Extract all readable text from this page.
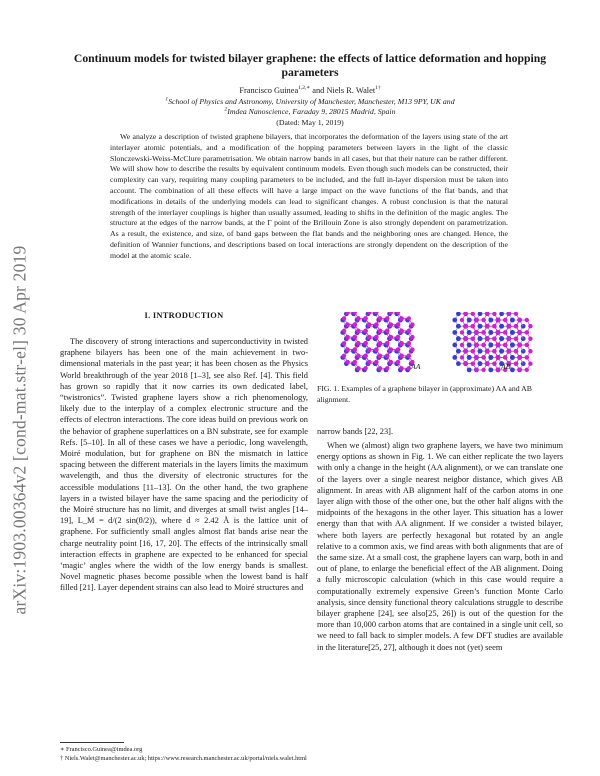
arXiv:1903.00364v2 [cond-mat.str-el] 30 Apr 2019
Continuum models for twisted bilayer graphene: the effects of lattice deformation and hopping parameters
Francisco Guinea$^{1,2,∗}$ and Niels R. Walet$^{1\dagger}$
$^1$School of Physics and Astronomy, University of Manchester, Manchester, M13 9PY, UK and
$^2$Imdea Nanoscience, Faraday 9, 28015 Madrid, Spain
(Dated: May 1, 2019)

We analyze a description of twisted graphene bilayers, that incorporates the deformation of the layers using state of the art interlayer atomic potentials, and a modification of the hopping parameters between layers in the light of the classic Slonczewski-Weiss-McClure parametrisation. We obtain narrow bands in all cases, but that their nature can be rather different. We will show how to describe the results by equivalent continuum models. Even though such models can be constructed, their complexity can vary, requiring many coupling parameters to be included, and the full in-layer dispersion must be taken into account. The combination of all these effects will have a large impact on the wave functions of the flat bands, and that modifications in details of the underlying models can lead to significant changes. A robust conclusion is that the natural strength of the interlayer couplings is higher than usually assumed, leading to shifts in the definition of the magic angles. The structure at the edges of the narrow bands, at the Γ point of the Brillouin Zone is also strongly dependent on parametrization. As a result, the existence, and size, of band gaps between the flat bands and the neighboring ones are changed. Hence, the definition of Wannier functions, and descriptions based on local interactions are strongly dependent on the description of the model at the atomic scale.

I. INTRODUCTION

The discovery of strong interactions and superconductivity in twisted graphene bilayers has been one of the main achievement in two-dimensional materials in the past year; it has been chosen as the Physics World breakthrough of the year 2018 [1–3], see also Ref. [4]. This field has grown so rapidly that it now carries its own dedicated label, “twistronics”. Twisted graphene layers show a rich phenomenology, likely due to the interplay of a complex electronic structure and the effects of electron interactions. The core ideas build on previous work on the behavior of graphene superlattices on a BN substrate, see for example Refs. [5–10]. In all of these cases we have a periodic, long wavelength, Moiré modulation, but for graphene on BN the mismatch in lattice spacing between the different materials in the layers limits the maximum wavelength, and thus the diversity of electronic structures for the accessible modulations [11–13]. On the other hand, the two graphene layers in a twisted bilayer have the same spacing and the periodicity of the Moiré structure has no limit, and diverges at small twist angles [14–19], L_M = d/(2 sin(θ/2)), where d ≈ 2.42 Å is the lattice unit of graphene. For sufficiently small angles almost flat bands arise near the charge neutrality point [16, 17, 20]. The effects of the intrinsically small interaction effects in graphene are expected to be enhanced for special ‘magic’ angles where the width of the low energy bands is smallest. Novel magnetic phases become possible when the lowest band is half filled [21]. Layer dependent strains can also lead to Moiré structures and

AA	AB

FIG. 1. Examples of a graphene bilayer in (approximate) AA and AB alignment.

narrow bands [22, 23].

When we (almost) align two graphene layers, we have two minimum energy options as shown in Fig. 1. We can either replicate the two layers with only a change in the height (AA alignment), or we can translate one of the layers over a single nearest neigbor distance, which gives AB alignment. In areas with AB alignment half of the carbon atoms in one layer align with those of the other one, but the other half aligns with the midpoints of the hexagons in the other layer. This situation has a lower energy than that with AA alignment. If we consider a twisted bilayer, where both layers are perfectly hexagonal but rotated by an angle relative to a common axis, we find areas with both alignments that are of the same size. At a small cost, the graphene layers can warp, both in and out of plane, to enlarge the beneficial effect of the AB alignment. Doing a fully microscopic calculation (which in this case would require a computationally extremely expensive Green’s function Monte Carlo analysis, since density functional theory calculations struggle to describe bilayer graphene [24], see also[25, 26]) is out of the question for the more than 10,000 carbon atoms that are contained in a single unit cell, so we need to fall back to simpler models. A few DFT studies are available in the literature[25, 27], although it does not (yet) seem

∗ Francisco.Guinea@imdea.org
† Niels.Walet@manchester.ac.uk; https://www.research.manchester.ac.uk/portal/niels.walet.html
